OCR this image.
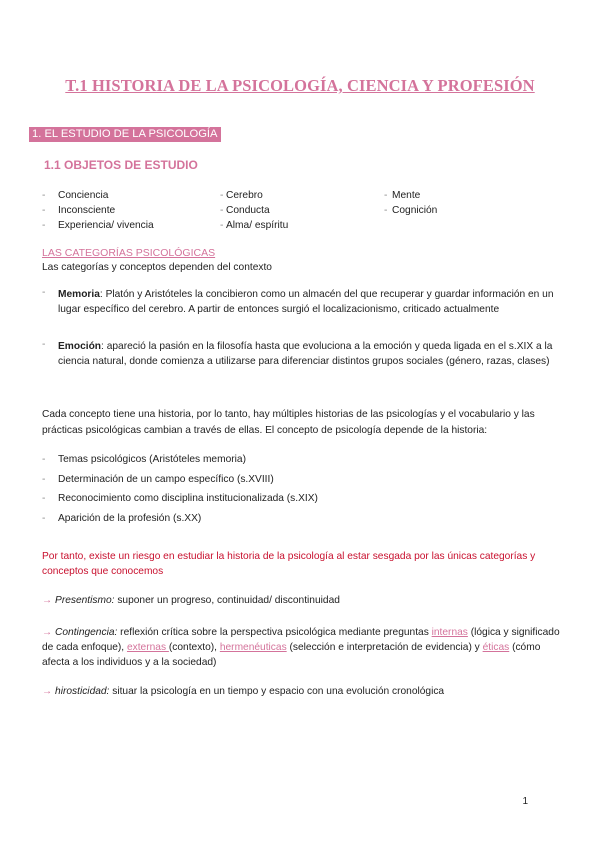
T.1 HISTORIA DE LA PSICOLOGÍA, CIENCIA Y PROFESIÓN
1. EL ESTUDIO DE LA PSICOLOGÍA
1.1 OBJETOS DE ESTUDIO
- Conciencia
- Inconsciente
- Experiencia/ vivencia
- Cerebro
- Conducta
- Alma/ espíritu
- Mente
- Cognición
LAS CATEGORÍAS PSICOLÓGICAS
Las categorías y conceptos dependen del contexto
-	Memoria: Platón y Aristóteles la concibieron como un almacén del que recuperar y guardar información en un lugar específico del cerebro. A partir de entonces surgió el localizacionismo, criticado actualmente
-	Emoción: apareció la pasión en la filosofía hasta que evoluciona a la emoción y queda ligada en el s.XIX a la ciencia natural, donde comienza a utilizarse para diferenciar distintos grupos sociales (género, razas, clases)
Cada concepto tiene una historia, por lo tanto, hay múltiples historias de las psicologías y el vocabulario y las prácticas psicológicas cambian a través de ellas. El concepto de psicología depende de la historia:
- Temas psicológicos (Aristóteles memoria)
- Determinación de un campo específico (s.XVIII)
- Reconocimiento como disciplina institucionalizada (s.XIX)
- Aparición de la profesión (s.XX)
Por tanto, existe un riesgo en estudiar la historia de la psicología al estar sesgada por las únicas categorías y conceptos que conocemos
→ Presentismo: suponer un progreso, continuidad/ discontinuidad
→ Contingencia: reflexión crítica sobre la perspectiva psicológica mediante preguntas internas (lógica y significado de cada enfoque), externas (contexto), hermenéuticas (selección e interpretación de evidencia) y éticas (cómo afecta a los individuos y a la sociedad)
→ hirosticidad: situar la psicología en un tiempo y espacio con una evolución cronológica
1
